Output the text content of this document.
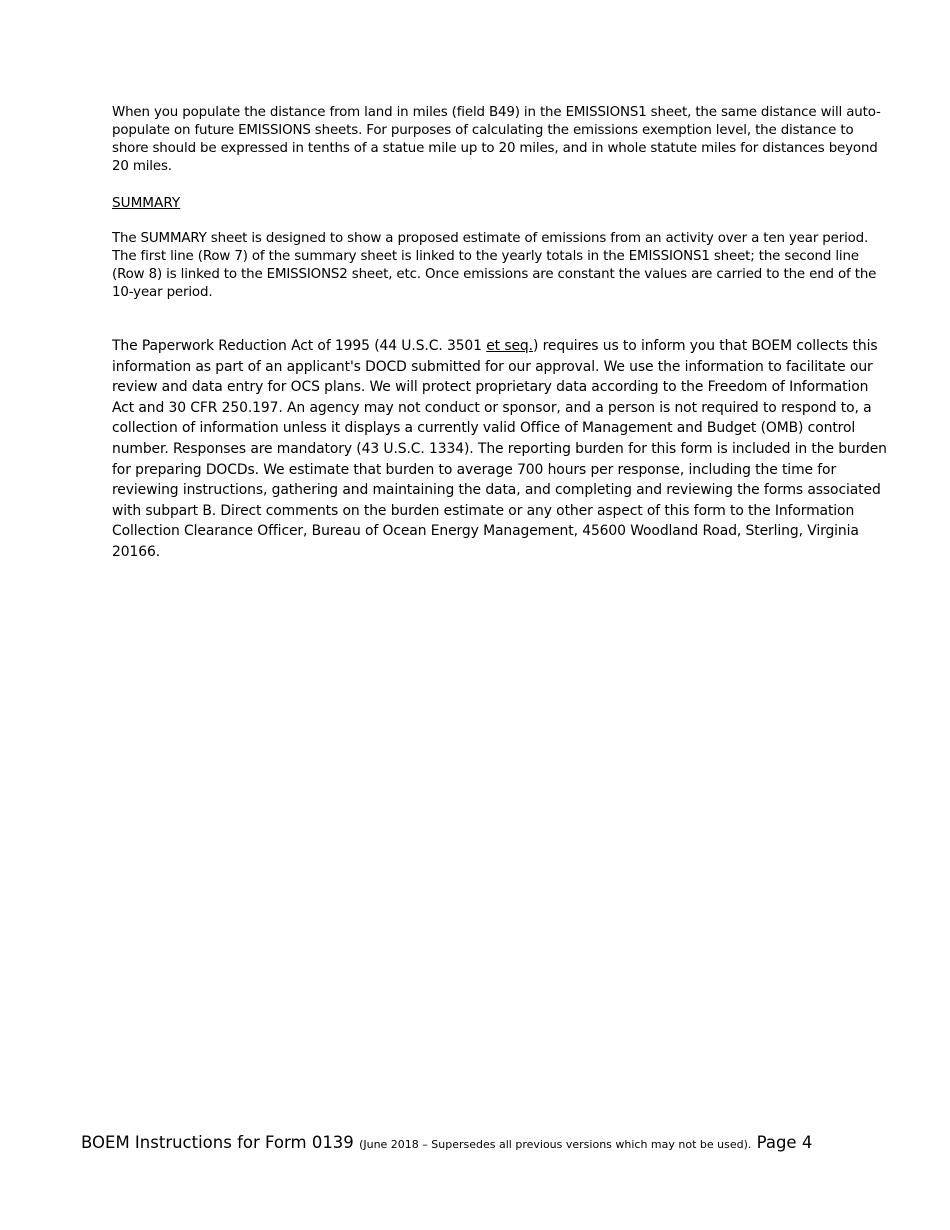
When you populate the distance from land in miles (field B49) in the EMISSIONS1 sheet, the same distance will auto-populate on future EMISSIONS sheets. For purposes of calculating the emissions exemption level, the distance to shore should be expressed in tenths of a statue mile up to 20 miles, and in whole statute miles for distances beyond 20 miles.

SUMMARY

The SUMMARY sheet is designed to show a proposed estimate of emissions from an activity over a ten year period. The first line (Row 7) of the summary sheet is linked to the yearly totals in the EMISSIONS1 sheet; the second line (Row 8) is linked to the EMISSIONS2 sheet, etc. Once emissions are constant the values are carried to the end of the 10-year period.

The Paperwork Reduction Act of 1995 (44 U.S.C. 3501 et seq.) requires us to inform you that BOEM collects this information as part of an applicant's DOCD submitted for our approval. We use the information to facilitate our review and data entry for OCS plans. We will protect proprietary data according to the Freedom of Information Act and 30 CFR 250.197. An agency may not conduct or sponsor, and a person is not required to respond to, a collection of information unless it displays a currently valid Office of Management and Budget (OMB) control number. Responses are mandatory (43 U.S.C. 1334). The reporting burden for this form is included in the burden for preparing DOCDs. We estimate that burden to average 700 hours per response, including the time for reviewing instructions, gathering and maintaining the data, and completing and reviewing the forms associated with subpart B. Direct comments on the burden estimate or any other aspect of this form to the Information Collection Clearance Officer, Bureau of Ocean Energy Management, 45600 Woodland Road, Sterling, Virginia 20166.

BOEM Instructions for Form 0139 (June 2018 – Supersedes all previous versions which may not be used). Page 4
